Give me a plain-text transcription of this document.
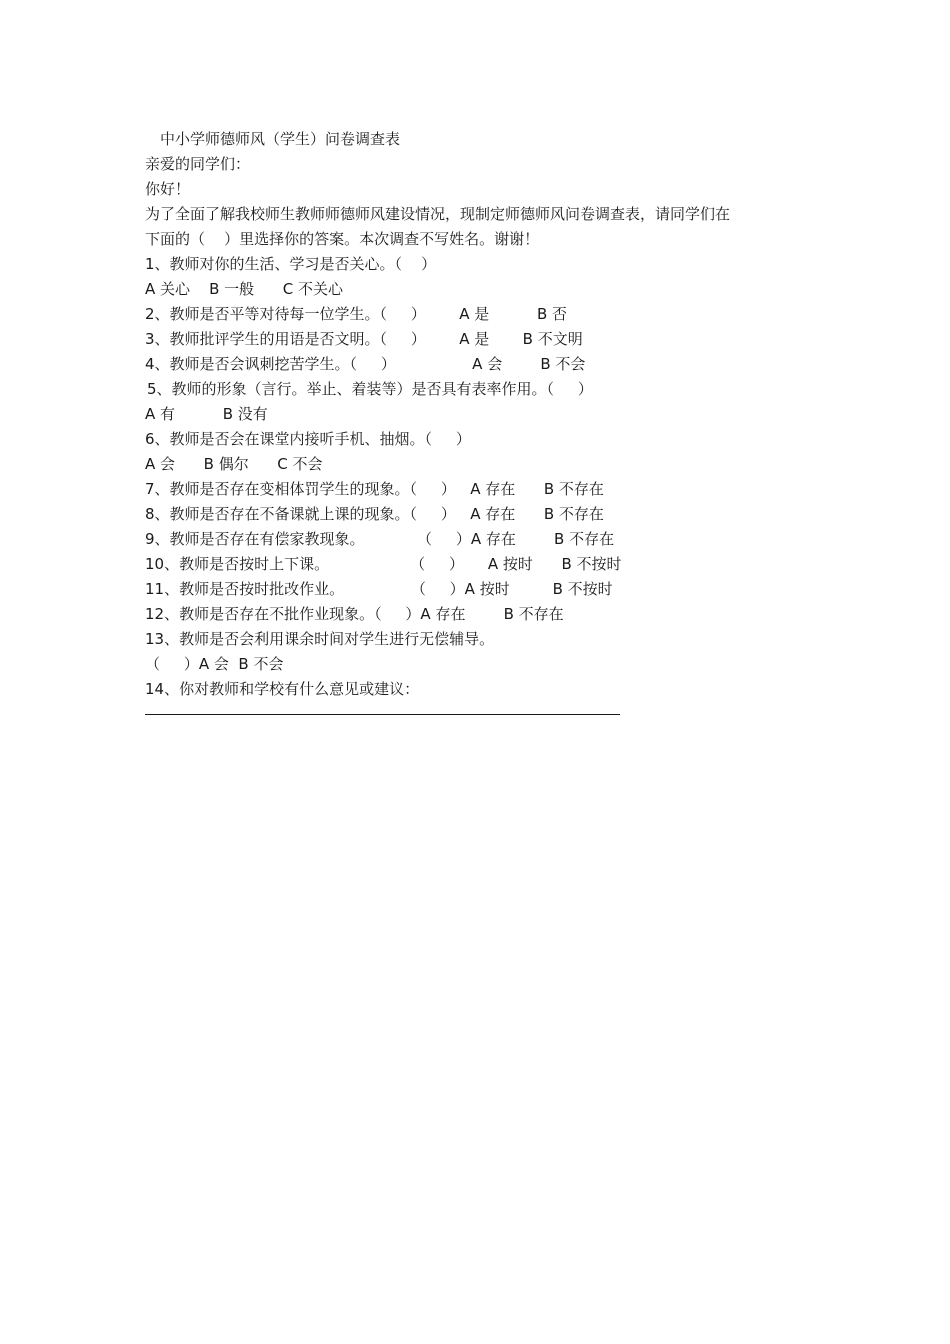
中小学师德师风（学生）问卷调查表
亲爱的同学们：
你好！
为了全面了解我校师生教师师德师风建设情况，现制定师德师风问卷调查表，请同学们在
下面的（    ）里选择你的答案。本次调查不写姓名。谢谢！
1、教师对你的生活、学习是否关心。（    ）
A 关心    B 一般      C 不关心
2、教师是否平等对待每一位学生。（     ）       A 是          B 否
3、教师批评学生的用语是否文明。（     ）       A 是       B 不文明
4、教师是否会讽刺挖苦学生。（     ）                A 会        B 不会
5、教师的形象（言行。举止、着装等）是否具有表率作用。（     ）
A 有          B 没有
6、教师是否会在课堂内接听手机、抽烟。（     ）
A 会      B 偶尔      C 不会
7、教师是否存在变相体罚学生的现象。（     ）   A 存在      B 不存在
8、教师是否存在不备课就上课的现象。（     ）   A 存在      B 不存在
9、教师是否存在有偿家教现象。           （     ）A 存在        B 不存在
10、教师是否按时上下课。                 （     ）     A 按时      B 不按时
11、教师是否按时批改作业。              （     ）A 按时         B 不按时
12、教师是否存在不批作业现象。（     ）A 存在        B 不存在
13、教师是否会利用课余时间对学生进行无偿辅导。
（     ）A 会  B 不会
14、你对教师和学校有什么意见或建议：
